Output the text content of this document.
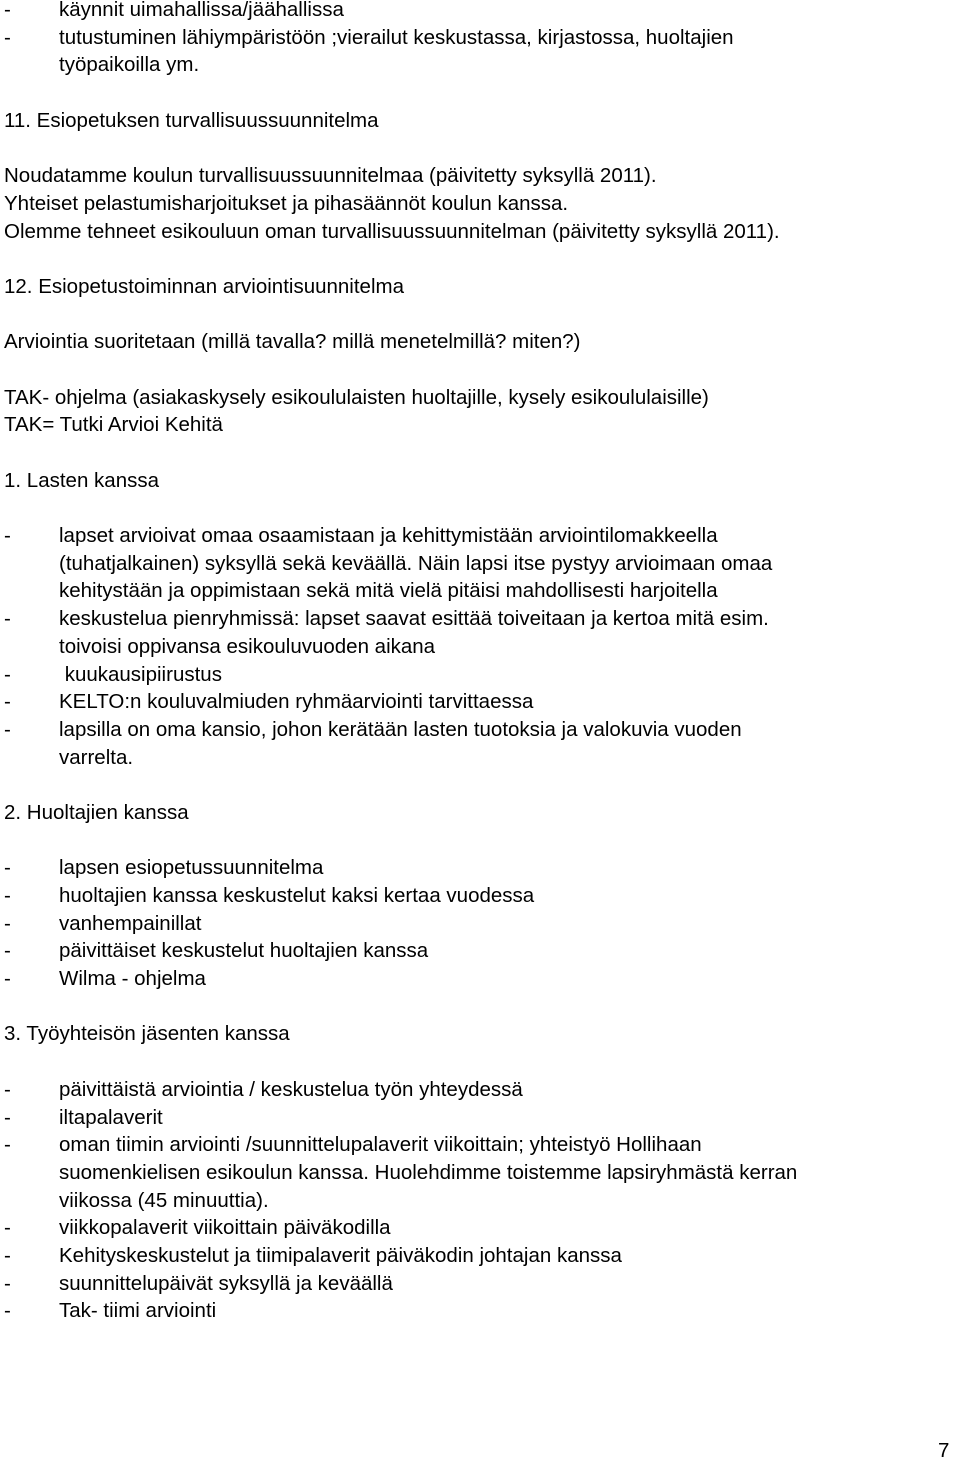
- käynnit uimahallissa/jäähallissa
- tutustuminen lähiympäristöön ;vierailut keskustassa, kirjastossa, huoltajien
työpaikoilla ym.
11. Esiopetuksen turvallisuussuunnitelma
Noudatamme koulun turvallisuussuunnitelmaa (päivitetty syksyllä 2011).
Yhteiset pelastumisharjoitukset ja pihasäännöt koulun kanssa.
Olemme tehneet esikouluun oman turvallisuussuunnitelman (päivitetty syksyllä 2011).
12. Esiopetustoiminnan arviointisuunnitelma
Arviointia suoritetaan (millä tavalla? millä menetelmillä? miten?)
TAK- ohjelma (asiakaskysely esikoululaisten huoltajille, kysely esikoululaisille)
TAK= Tutki Arvioi Kehitä
1. Lasten kanssa
- lapset arvioivat omaa osaamistaan ja kehittymistään arviointilomakkeella
(tuhatjalkainen) syksyllä sekä keväällä. Näin lapsi itse pystyy arvioimaan omaa
kehitystään ja oppimistaan sekä mitä vielä pitäisi mahdollisesti harjoitella
- keskustelua pienryhmissä: lapset saavat esittää toiveitaan ja kertoa mitä esim.
toivoisi oppivansa esikouluvuoden aikana
- kuukausipiirustus
- KELTO:n kouluvalmiuden ryhmäarviointi tarvittaessa
- lapsilla on oma kansio, johon kerätään lasten tuotoksia ja valokuvia vuoden
varrelta.
2. Huoltajien kanssa
- lapsen esiopetussuunnitelma
- huoltajien kanssa keskustelut kaksi kertaa vuodessa
- vanhempainillat
- päivittäiset keskustelut huoltajien kanssa
- Wilma - ohjelma
3. Työyhteisön jäsenten kanssa
- päivittäistä arviointia / keskustelua työn yhteydessä
- iltapalaverit
- oman tiimin arviointi /suunnittelupalaverit viikoittain; yhteistyö Hollihaan
suomenkielisen esikoulun kanssa. Huolehdimme toistemme lapsiryhmästä kerran
viikossa (45 minuuttia).
- viikkopalaverit viikoittain päiväkodilla
- Kehityskeskustelut ja tiimipalaverit päiväkodin johtajan kanssa
- suunnittelupäivät syksyllä ja keväällä
- Tak- tiimi arviointi
7
